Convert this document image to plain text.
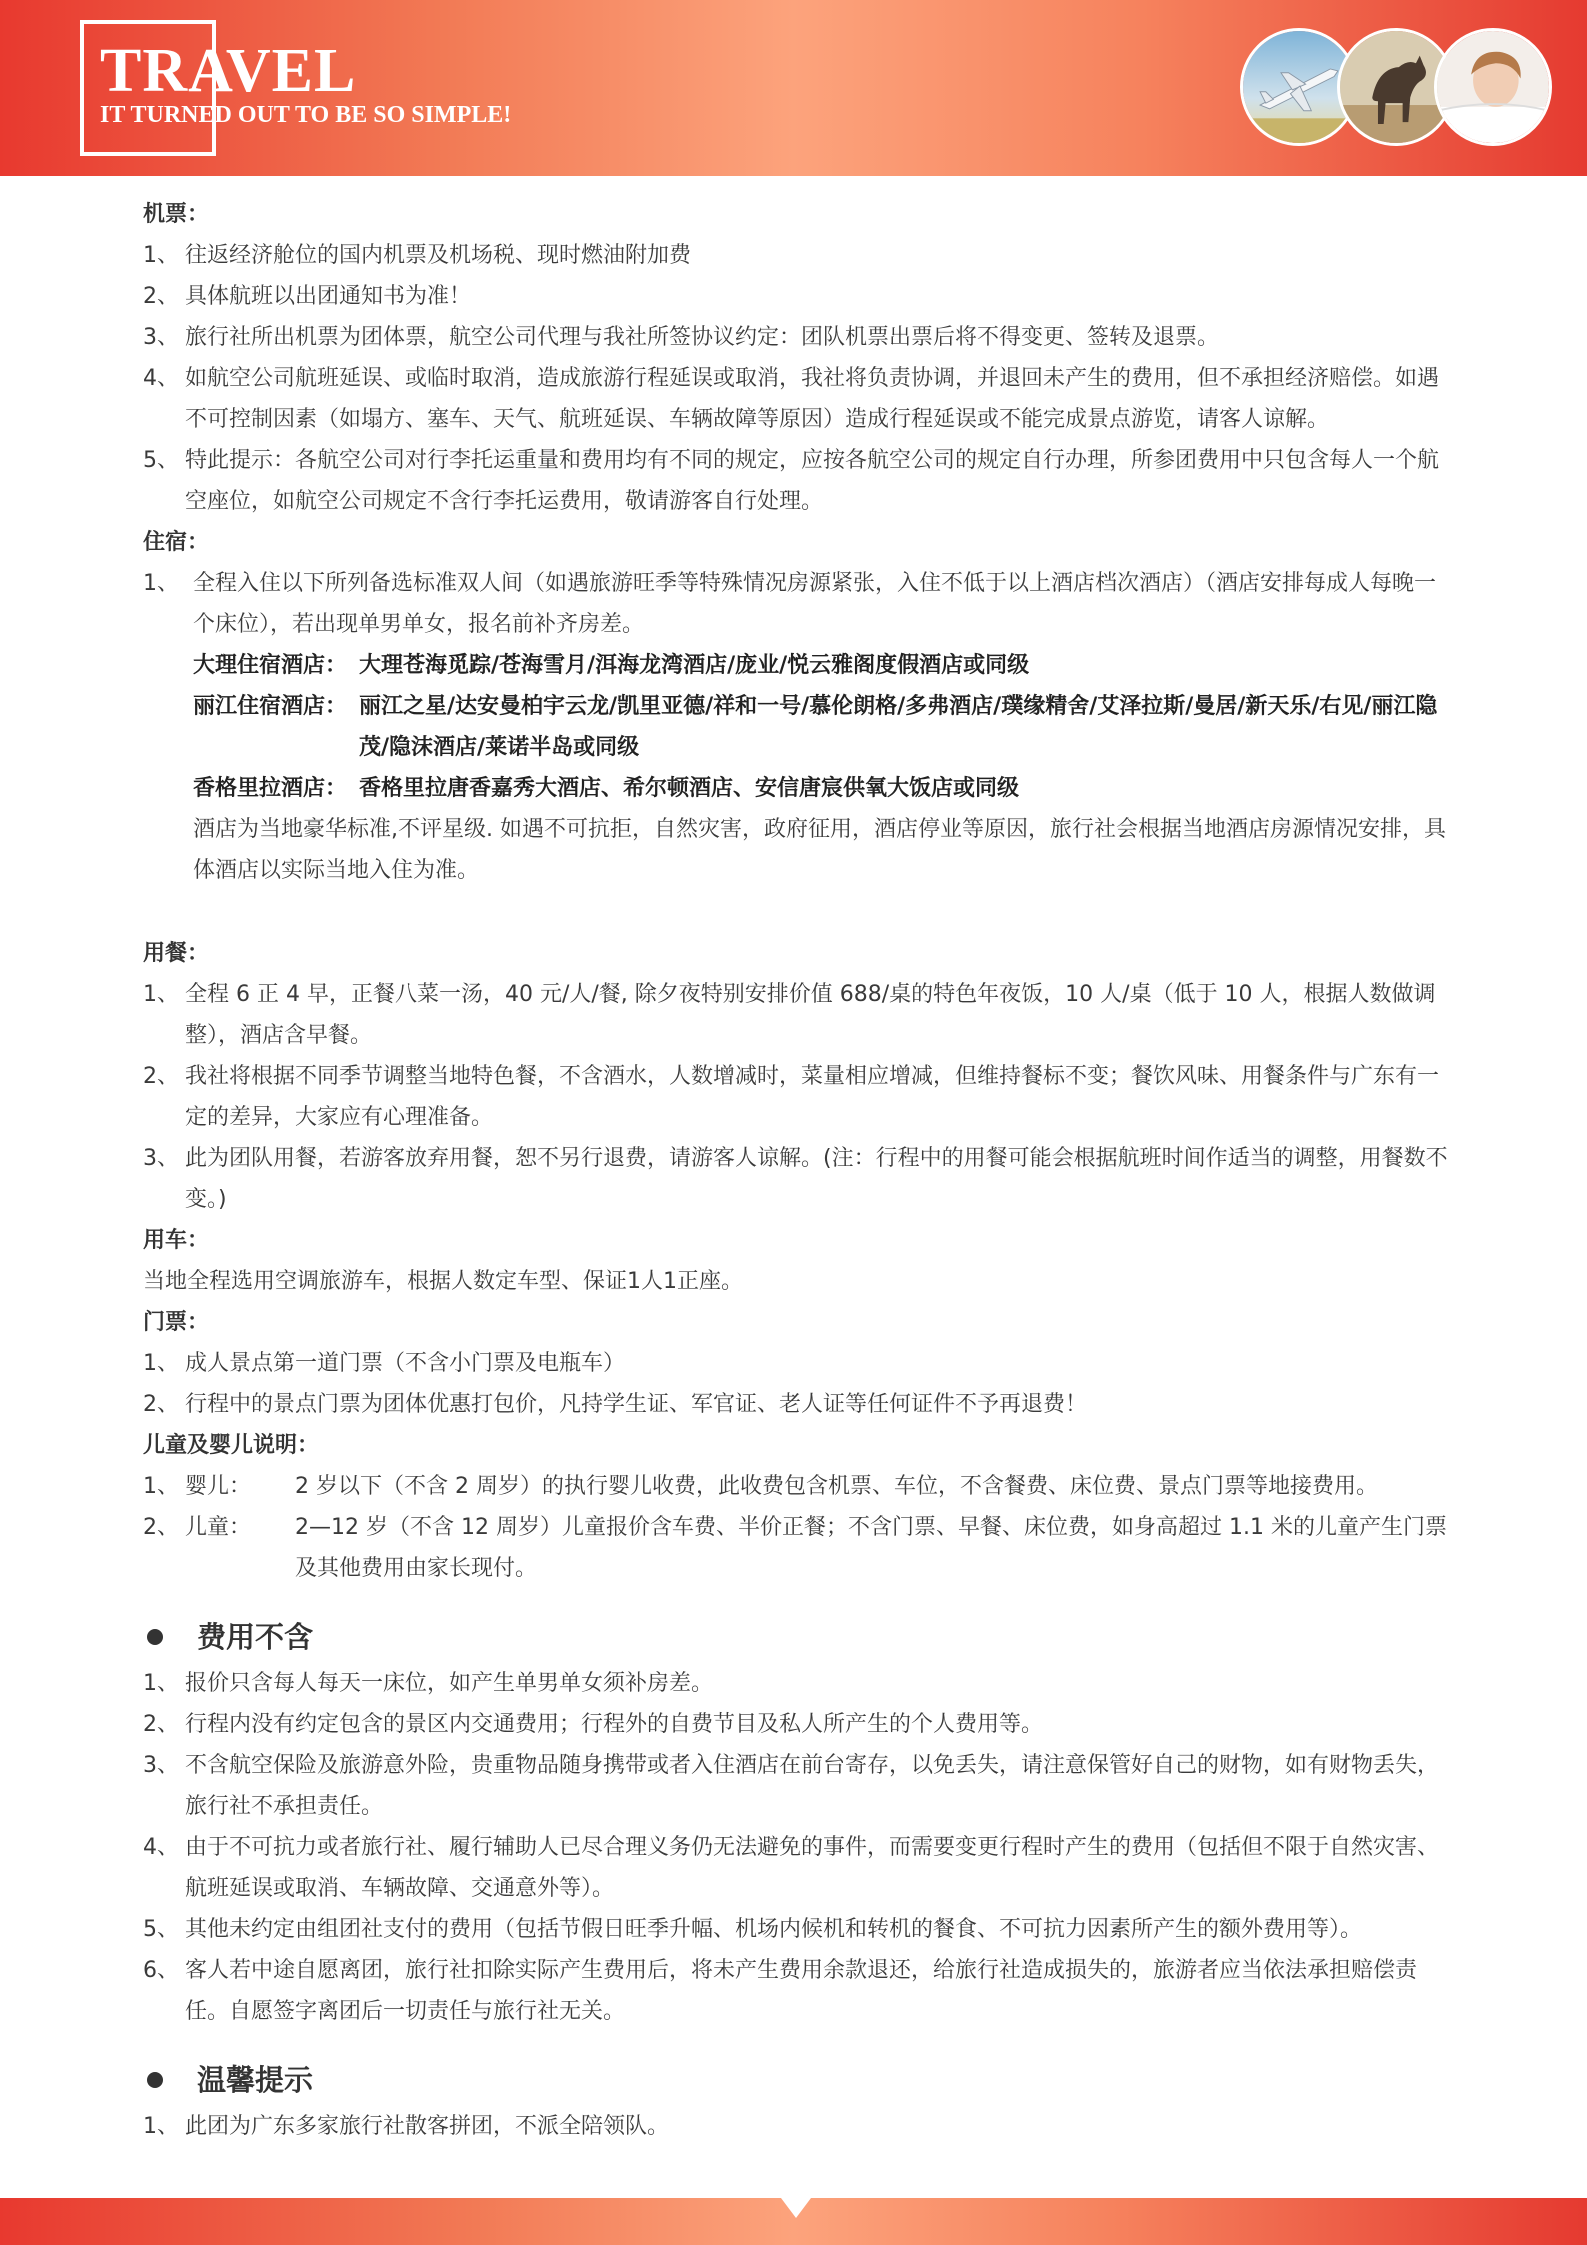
TRAVEL
IT TURNED OUT TO BE SO SIMPLE!
机票：
1、 往返经济舱位的国内机票及机场税、现时燃油附加费
2、 具体航班以出团通知书为准！
3、 旅行社所出机票为团体票，航空公司代理与我社所签协议约定：团队机票出票后将不得变更、签转及退票。
4、 如航空公司航班延误、或临时取消，造成旅游行程延误或取消，我社将负责协调，并退回未产生的费用，但不承担经济赔偿。如遇不可控制因素（如塌方、塞车、天气、航班延误、车辆故障等原因）造成行程延误或不能完成景点游览，请客人谅解。
5、 特此提示：各航空公司对行李托运重量和费用均有不同的规定，应按各航空公司的规定自行办理，所参团费用中只包含每人一个航空座位，如航空公司规定不含行李托运费用，敬请游客自行处理。
住宿：
1、 全程入住以下所列备选标准双人间（如遇旅游旺季等特殊情况房源紧张，入住不低于以上酒店档次酒店）（酒店安排每成人每晚一个床位），若出现单男单女，报名前补齐房差。
大理住宿酒店： 大理苍海觅踪/苍海雪月/洱海龙湾酒店/庞业/悦云雅阁度假酒店或同级
丽江住宿酒店： 丽江之星/达安曼柏宇云龙/凯里亚德/祥和一号/慕伦朗格/多弗酒店/璞缘精舍/艾泽拉斯/曼居/新天乐/右见/丽江隐茂/隐沫酒店/莱诺半岛或同级
香格里拉酒店： 香格里拉唐香嘉秀大酒店、希尔顿酒店、安信唐宸供氧大饭店或同级
酒店为当地豪华标准,不评星级. 如遇不可抗拒，自然灾害，政府征用，酒店停业等原因，旅行社会根据当地酒店房源情况安排，具体酒店以实际当地入住为准。
用餐：
1、 全程 6 正 4 早，正餐八菜一汤，40 元/人/餐, 除夕夜特别安排价值 688/桌的特色年夜饭，10 人/桌（低于 10 人，根据人数做调整），酒店含早餐。
2、 我社将根据不同季节调整当地特色餐，不含酒水，人数增减时，菜量相应增减，但维持餐标不变；餐饮风味、用餐条件与广东有一定的差异，大家应有心理准备。
3、 此为团队用餐，若游客放弃用餐，恕不另行退费，请游客人谅解。(注：行程中的用餐可能会根据航班时间作适当的调整，用餐数不变。)
用车：
当地全程选用空调旅游车，根据人数定车型、保证1人1正座。
门票：
1、 成人景点第一道门票（不含小门票及电瓶车）
2、 行程中的景点门票为团体优惠打包价，凡持学生证、军官证、老人证等任何证件不予再退费！
儿童及婴儿说明：
1、 婴儿：	2 岁以下（不含 2 周岁）的执行婴儿收费，此收费包含机票、车位，不含餐费、床位费、景点门票等地接费用。
2、 儿童：	2—12 岁（不含 12 周岁）儿童报价含车费、半价正餐；不含门票、早餐、床位费，如身高超过 1.1 米的儿童产生门票及其他费用由家长现付。
费用不含
1、 报价只含每人每天一床位，如产生单男单女须补房差。
2、 行程内没有约定包含的景区内交通费用；行程外的自费节目及私人所产生的个人费用等。
3、 不含航空保险及旅游意外险，贵重物品随身携带或者入住酒店在前台寄存，以免丢失，请注意保管好自己的财物，如有财物丢失，旅行社不承担责任。
4、 由于不可抗力或者旅行社、履行辅助人已尽合理义务仍无法避免的事件，而需要变更行程时产生的费用（包括但不限于自然灾害、航班延误或取消、车辆故障、交通意外等）。
5、 其他未约定由组团社支付的费用（包括节假日旺季升幅、机场内候机和转机的餐食、不可抗力因素所产生的额外费用等）。
6、 客人若中途自愿离团，旅行社扣除实际产生费用后，将未产生费用余款退还，给旅行社造成损失的，旅游者应当依法承担赔偿责任。自愿签字离团后一切责任与旅行社无关。
温馨提示
1、 此团为广东多家旅行社散客拼团，不派全陪领队。
